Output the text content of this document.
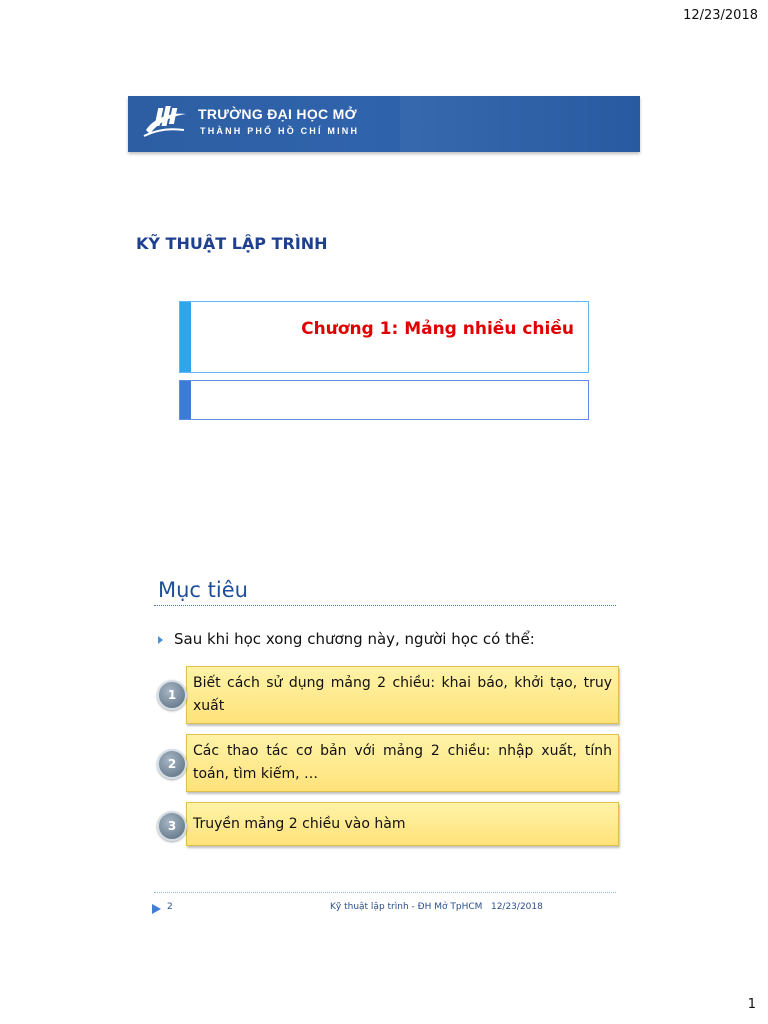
12/23/2018
TRƯỜNG ĐẠI HỌC MỞ
THÀNH PHỐ HỒ CHÍ MINH
KỸ THUẬT LẬP TRÌNH
Chương 1: Mảng nhiều chiều
Mục tiêu
Sau khi học xong chương này, người học có thể:
Biết cách sử dụng mảng 2 chiều: khai báo, khởi tạo, truy xuất
1
Các thao tác cơ bản với mảng 2 chiều: nhập xuất, tính toán, tìm kiếm, …
2
Truyền mảng 2 chiều vào hàm
3
2	Kỹ thuật lập trình - ĐH Mở TpHCM   12/23/2018
1
